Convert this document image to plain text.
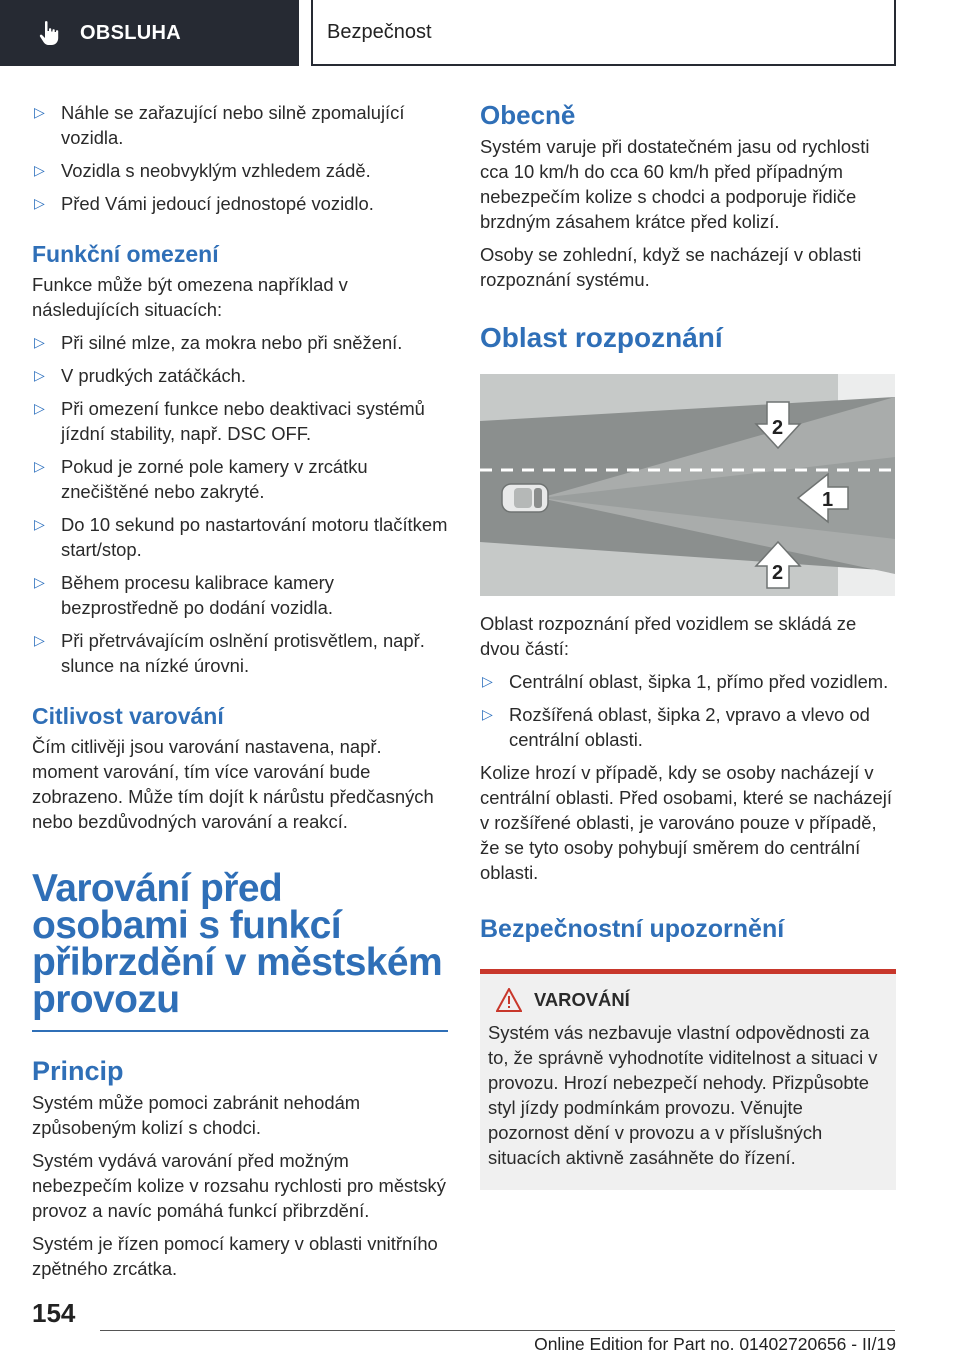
OBSLUHA	Bezpečnost
▷ Náhle se zařazující nebo silně zpomalující vozidla.
▷ Vozidla s neobvyklým vzhledem zádě.
▷ Před Vámi jedoucí jednostopé vozidlo.
Funkční omezení

Funkce může být omezena například v následujících situacích:

▷ Při silné mlze, za mokra nebo při sněžení.
▷ V prudkých zatáčkách.
▷ Při omezení funkce nebo deaktivaci systémů jízdní stability, např. DSC OFF.
▷ Pokud je zorné pole kamery v zrcátku znečištěné nebo zakryté.
▷ Do 10 sekund po nastartování motoru tlačítkem start/stop.
▷ Během procesu kalibrace kamery bezprostředně po dodání vozidla.
▷ Při přetrvávajícím oslnění protisvětlem, např. slunce na nízké úrovni.
Citlivost varování

Čím citlivěji jsou varování nastavena, např. moment varování, tím více varování bude zobrazeno. Může tím dojít k nárůstu předčasných nebo bezdůvodných varování a reakcí.

Varování před osobami s funkcí přibrzdění v městském provozu
Princip

Systém může pomoci zabránit nehodám způsobeným kolizí s chodci.

Systém vydává varování před možným nebezpečím kolize v rozsahu rychlosti pro městský provoz a navíc pomáhá funkcí přibrzdění.

Systém je řízen pomocí kamery v oblasti vnitřního zpětného zrcátka.

Obecně

Systém varuje při dostatečném jasu od rychlosti cca 10 km/h do cca 60 km/h před případným nebezpečím kolize s chodci a podporuje řidiče brzdným zásahem krátce před kolizí.

Osoby se zohlední, když se nacházejí v oblasti rozpoznání systému.

Oblast rozpoznání
1
2
2

Oblast rozpoznání před vozidlem se skládá ze dvou částí:

▷ Centrální oblast, šipka 1, přímo před vozidlem.
▷ Rozšířená oblast, šipka 2, vpravo a vlevo od centrální oblasti.

Kolize hrozí v případě, kdy se osoby nacházejí v centrální oblasti. Před osobami, které se nacházejí v rozšířené oblasti, je varováno pouze v případě, že se tyto osoby pohybují směrem do centrální oblasti.

Bezpečnostní upozornění
VAROVÁNÍ

Systém vás nezbavuje vlastní odpovědnosti za to, že správně vyhodnotíte viditelnost a situaci v provozu. Hrozí nebezpečí nehody. Přizpůsobte styl jízdy podmínkám provozu. Věnujte pozornost dění v provozu a v příslušných situacích aktivně zasáhněte do řízení.

154
Online Edition for Part no. 01402720656 - II/19
